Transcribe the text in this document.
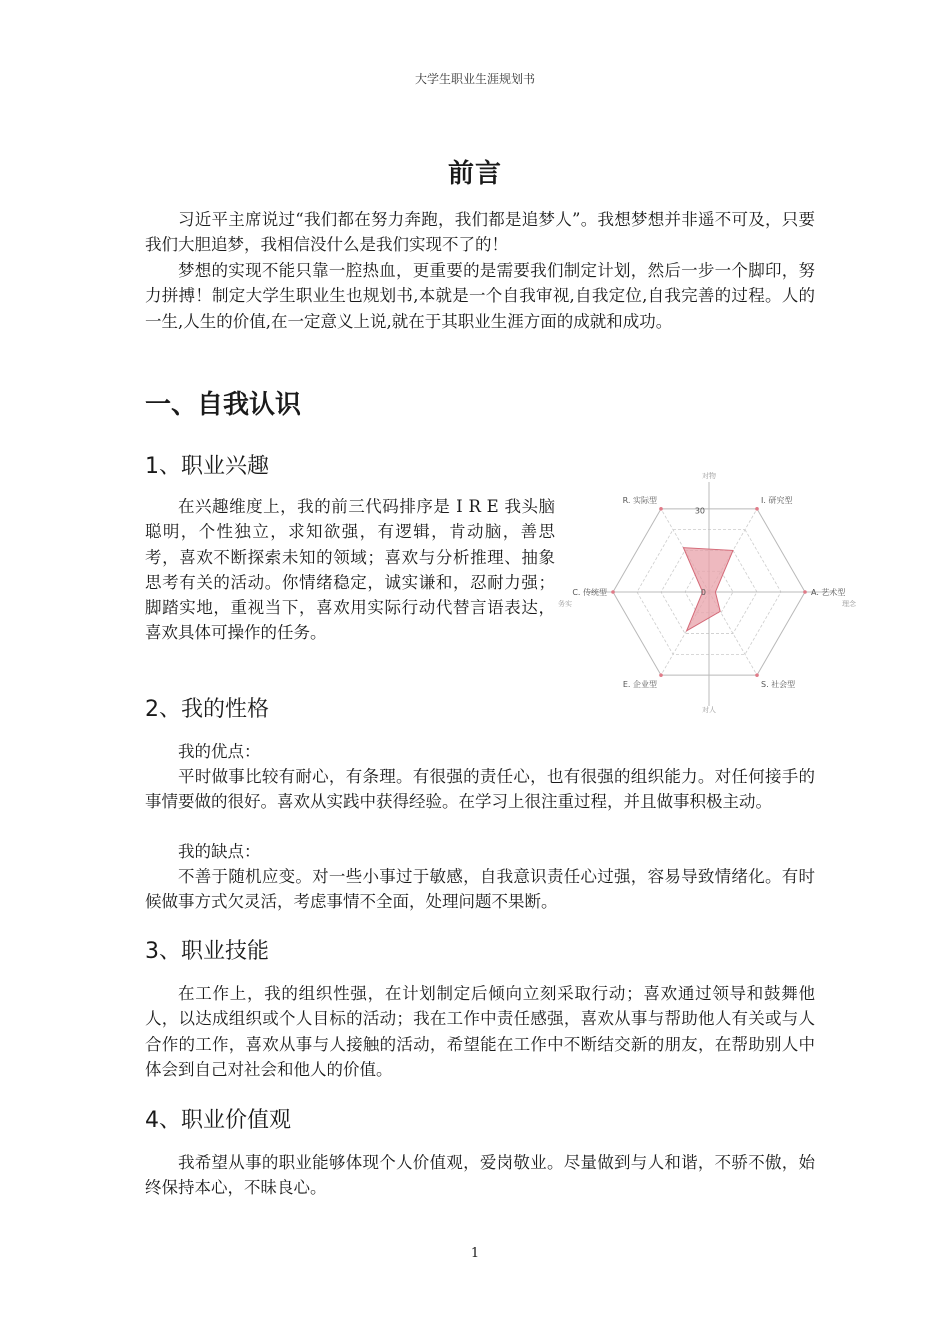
大学生职业生涯规划书
前言

习近平主席说过“我们都在努力奔跑，我们都是追梦人”。我想梦想并非遥不可及，只要我们大胆追梦，我相信没什么是我们实现不了的！

梦想的实现不能只靠一腔热血，更重要的是需要我们制定计划，然后一步一个脚印，努力拼搏！制定大学生职业生也规划书,本就是一个自我审视,自我定位,自我完善的过程。人的一生,人生的价值,在一定意义上说,就在于其职业生涯方面的成就和成功。

一、自我认识
1、职业兴趣

在兴趣维度上，我的前三代码排序是 I R E 我头脑聪明，个性独立，求知欲强，有逻辑，肯动脑，善思考，喜欢不断探索未知的领域；喜欢与分析推理、抽象思考有关的活动。你情绪稳定，诚实谦和，忍耐力强；脚踏实地，重视当下，喜欢用实际行动代替言语表达，喜欢具体可操作的任务。

I. 研究型
A. 艺术型
S. 社会型
E. 企业型
C. 传统型
R. 实际型
对物
对人
务实	理念
30
0
2、我的性格

我的优点：

平时做事比较有耐心，有条理。有很强的责任心，也有很强的组织能力。对任何接手的事情要做的很好。喜欢从实践中获得经验。在学习上很注重过程，并且做事积极主动。

我的缺点：

不善于随机应变。对一些小事过于敏感，自我意识责任心过强，容易导致情绪化。有时候做事方式欠灵活，考虑事情不全面，处理问题不果断。

3、职业技能

在工作上，我的组织性强，在计划制定后倾向立刻采取行动；喜欢通过领导和鼓舞他人，以达成组织或个人目标的活动；我在工作中责任感强，喜欢从事与帮助他人有关或与人合作的工作，喜欢从事与人接触的活动，希望能在工作中不断结交新的朋友，在帮助别人中体会到自己对社会和他人的价值。

4、职业价值观

我希望从事的职业能够体现个人价值观，爱岗敬业。尽量做到与人和谐，不骄不傲，始终保持本心，不昧良心。

1
